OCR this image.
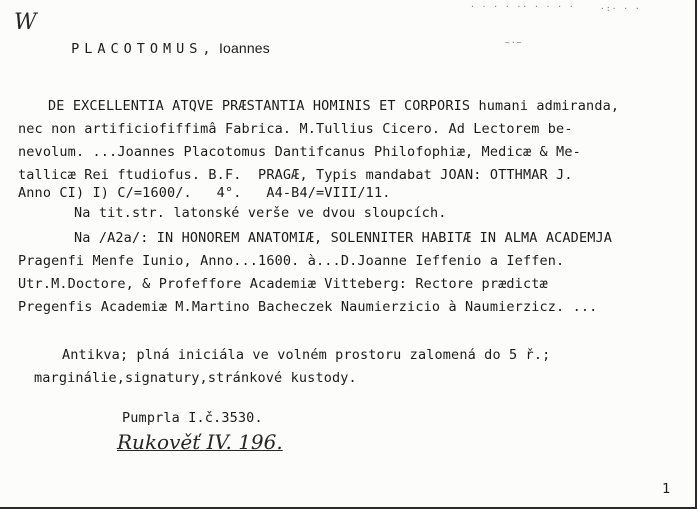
W

PLACOTOMUS, Ioannes

· · · · ·· · · · ·	·:· · ·
~·~
DE EXCELLENTIA ATQVE PRÆSTANTIA HOMINIS ET CORPORIS humani admiranda,
nec non artificiofiffimâ Fabrica. M.Tullius Cicero. Ad Lectorem be-
nevolum. ...Joannes Placotomus Dantifcanus Philofophiæ, Medicæ & Me-
tallicæ Rei ftudiofus. B.F.  PRAGÆ, Typis mandabat JOAN: OTTHMAR J.
Anno CI) I) C/=1600/.   4°.   A4-B4/=VIII/11.
Na tit.str. latonské verše ve dvou sloupcích.
Na /A2a/: IN HONOREM ANATOMIÆ, SOLENNITER HABITÆ IN ALMA ACADEMJA
Pragenfi Menfe Iunio, Anno...1600. à...D.Joanne Ieffenio a Ieffen.
Utr.M.Doctore, & Profeffore Academiæ Vitteberg: Rectore prædictæ
Pregenfis Academiæ M.Martino Bacheczek Naumierzicio à Naumierzicz. ...
Antikva; plná iniciála ve volném prostoru zalomená do 5 ř.;
marginálie,signatury,stránkové kustody.
Pumprla I.č.3530.
Rukověť IV. 196.
1
